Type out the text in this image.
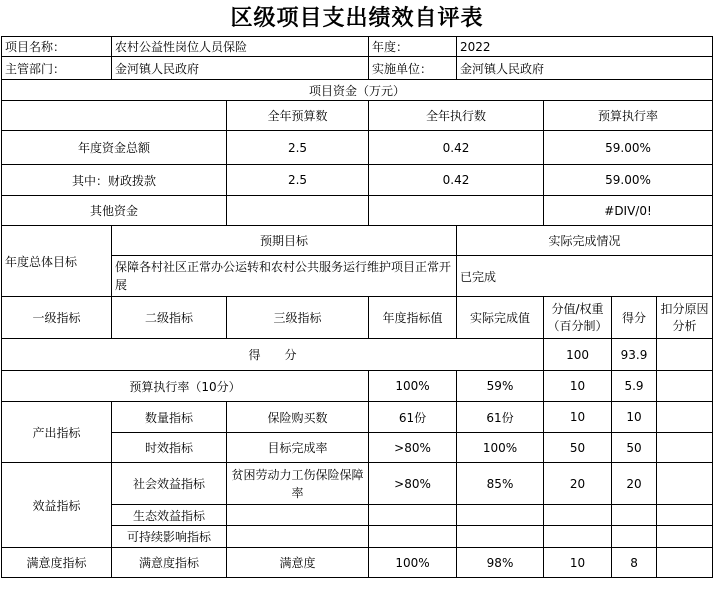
区级项目支出绩效自评表
项目名称：	农村公益性岗位人员保险		年度：	2022			
主管部门：	金河镇人民政府		实施单位：	金河镇人民政府			
项目资金（万元）							
		全年预算数	全年执行数		预算执行率		
年度资金总额		2.5	0.42		59.00%		
其中：财政拨款		2.5	0.42		59.00%		
其他资金					#DIV/0!		
年度总体目标	预期目标			实际完成情况			
	保障各村社区正常办公运转和农村公共服务运行维护项目正常开展			已完成			
一级指标	二级指标	三级指标	年度指标值	实际完成值	分值/权重（百分制）	得分	扣分原因分析
得　　分					100	93.9	
预算执行率（10分）			100%	59%	10	5.9	
产出指标	数量指标	保险购买数	61份	61份	10	10	
	时效指标	目标完成率	>80%	100%	50	50	
效益指标	社会效益指标	贫困劳动力工伤保险保障率	>80%	85%	20	20	
	生态效益指标						
	可持续影响指标						
满意度指标	满意度指标	满意度	100%	98%	10	8	
